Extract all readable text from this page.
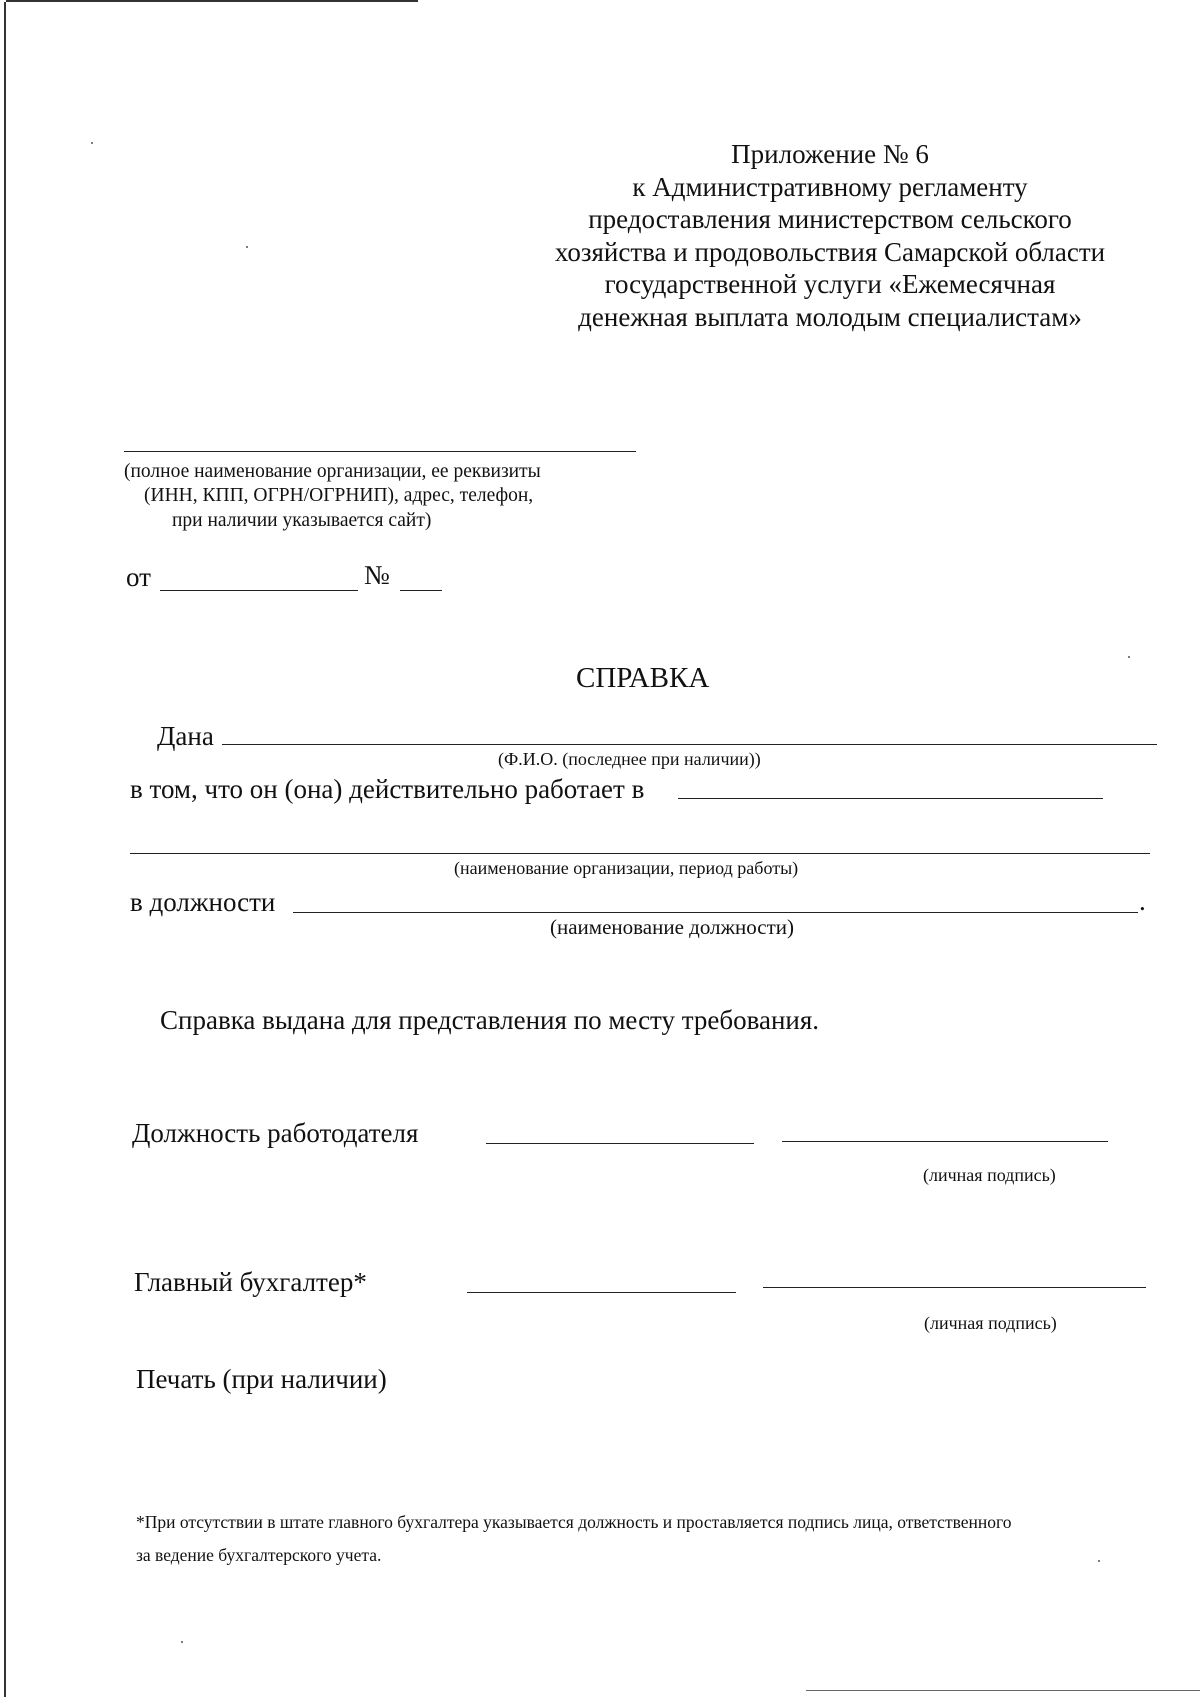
Приложение № 6
к Административному регламенту
предоставления министерством сельского
хозяйства и продовольствия Самарской области
государственной услуги «Ежемесячная
денежная выплата молодым специалистам»
(полное наименование организации, ее реквизиты
(ИНН, КПП, ОГРН/ОГРНИП), адрес, телефон,
при наличии указывается сайт)
от	№
СПРАВКА
Дана
(Ф.И.О. (последнее при наличии))
в том, что он (она) действительно работает в
(наименование организации, период работы)
в должности	.
(наименование должности)
Справка выдана для представления по месту требования.
Должность работодателя
(личная подпись)
Главный бухгалтер*
(личная подпись)
Печать (при наличии)
*При отсутствии в штате главного бухгалтера указывается должность и проставляется подпись лица, ответственного
за ведение бухгалтерского учета.
